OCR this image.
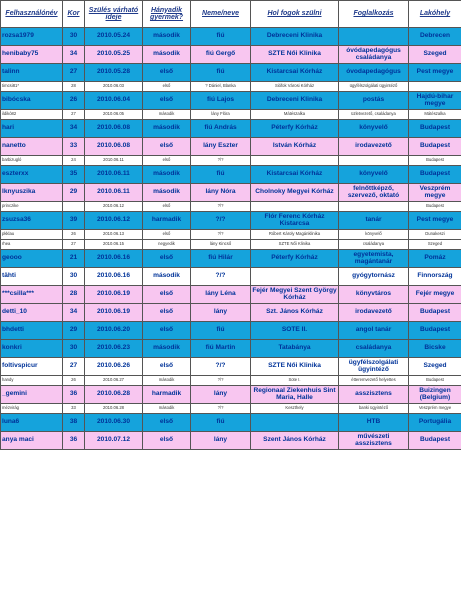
Felhasználónév	Kor	Szülés várható ideje	Hányadik gyermek?	Neme/neve	Hol fogok szülni	Foglalkozás	Lakóhely
rozsa1979	30	2010.05.24	második	fiú	Debreceni Klinika		Debrecen
henibaby75	34	2010.05.25	második	fiú Gergő	SZTE Női Klinika	óvódapedagógus családanya	Szeged
talinn	27	2010.05.28	első	fiú	Kistarcsai Kórház	óvodapedagógus	Pest megye
timcsi81*	28	2010.06.03	első	? Dániel, Blanka	Siófok Városi Kórház	ügyfélszolgálati ügyintéző	
bibócska	26	2010.06.04	első	fiú Lajos	Debreceni Klinika	postás	Hajdú-bihar megye
ildikó82	27	2010.06.05	második	lány Flóra	Mátészalka	üzletvezető, családanya	Mátészalka
hari	34	2010.06.08	második	fiú András	Péterfy Kórház	könyvelő	Budapest
nanetto	33	2010.06.08	első	lány Eszter	István Kórház	irodavezető	Budapest
barbizugló	24	2010.06.11	első	?/?			Budapest
eszterxx	35	2010.06.11	második	fiú	Kistarcsai Kórház	könyvelő	Budapest
lknyuszika	29	2010.06.11	második	lány Nóra	Cholnoky Megyei Kórház	felnőttképző, szervező, oktató	Veszprém megye
princzike		2010.06.12	első	?/?			Budapest
zsuzsa36	39	2010.06.12	harmadik	?/?	Flór Ferenc Kórház Kistarcsa	tanár	Pest megye
pkklau	26	2010.06.13	első	?/?	Róbert Károly Magánklinika	könyvelő	Dunakeszi
rhea	27	2010.06.15	negyedik	lány Kincső	SZTE Női Klinika	családanya	Szeged
geooo	21	2010.06.16	első	fiú Hilár	Péterfy Kórház	egyetemista, magántanár	Pomáz
tähti	30	2010.06.16	második	?/?		gyógytornász	Finnország
***csilla***	28	2010.06.19	első	lány Léna	Fejér Megyei Szent György Kórház	könyvtáros	Fejér megye
detti_10	34	2010.06.19	első	lány	Szt. János Kórház	irodavezető	Budapest
bhdetti	29	2010.06.20	első	fiú	SOTE II.	angol tanár	Budapest
konkri	30	2010.06.23	második	fiú Martin	Tatabánya	családanya	Bicske
foltivspicur	27	2010.06.26	első	?/?	SZTE Női Klinika	ügyfélszolgálati ügyintéző	Szeged
handy	26	2010.06.27	második	?/?	Sote I.	étteremvezető helyettes	Budapest
_gemini	36	2010.06.28	harmadik	lány	Regionaal Ziekenhuis Sint Maria, Halle	asszisztens	Buizingen (Belgium)
mézvirág	33	2010.06.28	második	?/?	Keszthely	banki ügyintéző	Veszprém megye
luna6	38	2010.06.30	első	fiú		HTB	Portugália
anya maci	36	2010.07.12	első	lány	Szent János Kórház	művészeti asszisztens	Budapest
